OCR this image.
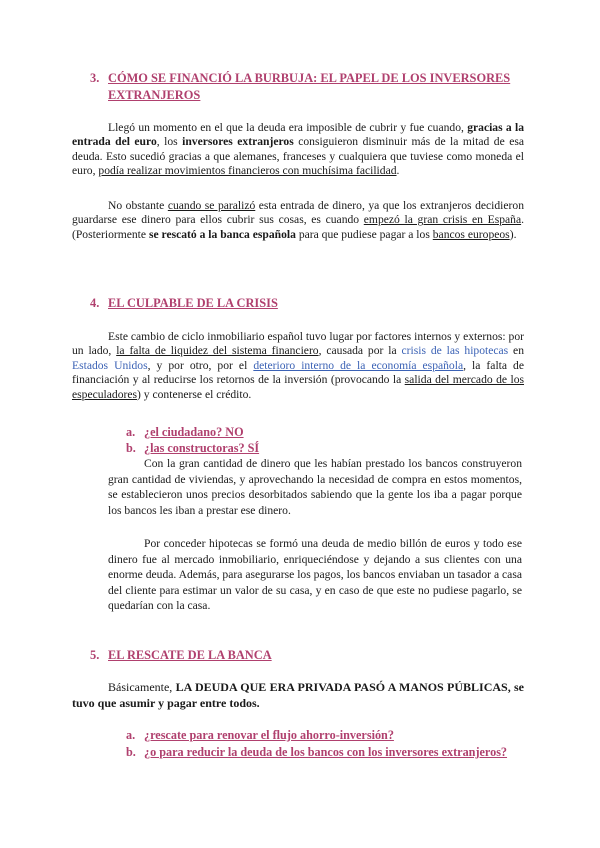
3. CÓMO SE FINANCIÓ LA BURBUJA: EL PAPEL DE LOS INVERSORES
EXTRANJEROS

Llegó un momento en el que la deuda era imposible de cubrir y fue cuando, gracias a la entrada del euro, los inversores extranjeros consiguieron disminuir más de la mitad de esa deuda. Esto sucedió gracias a que alemanes, franceses y cualquiera que tuviese como moneda el euro, podía realizar movimientos financieros con muchísima facilidad.

No obstante cuando se paralizó esta entrada de dinero, ya que los extranjeros decidieron guardarse ese dinero para ellos cubrir sus cosas, es cuando empezó la gran crisis en España. (Posteriormente se rescató a la banca española para que pudiese pagar a los bancos europeos).

4. EL CULPABLE DE LA CRISIS

Este cambio de ciclo inmobiliario español tuvo lugar por factores internos y externos: por un lado, la falta de liquidez del sistema financiero, causada por la crisis de las hipotecas en Estados Unidos, y por otro, por el deterioro interno de la economía española, la falta de financiación y al reducirse los retornos de la inversión (provocando la salida del mercado de los especuladores) y contenerse el crédito.

a. ¿el ciudadano? NO
b. ¿las constructoras? SÍ

Con la gran cantidad de dinero que les habían prestado los bancos construyeron gran cantidad de viviendas, y aprovechando la necesidad de compra en estos momentos, se establecieron unos precios desorbitados sabiendo que la gente los iba a pagar porque los bancos les iban a prestar ese dinero.

Por conceder hipotecas se formó una deuda de medio billón de euros y todo ese dinero fue al mercado inmobiliario, enriqueciéndose y dejando a sus clientes con una enorme deuda. Además, para asegurarse los pagos, los bancos enviaban un tasador a casa del cliente para estimar un valor de su casa, y en caso de que este no pudiese pagarlo, se quedarían con la casa.

5. EL RESCATE DE LA BANCA

Básicamente, LA DEUDA QUE ERA PRIVADA PASÓ A MANOS PÚBLICAS, se tuvo que asumir y pagar entre todos.

a. ¿rescate para renovar el flujo ahorro-inversión?
b. ¿o para reducir la deuda de los bancos con los inversores extranjeros?
